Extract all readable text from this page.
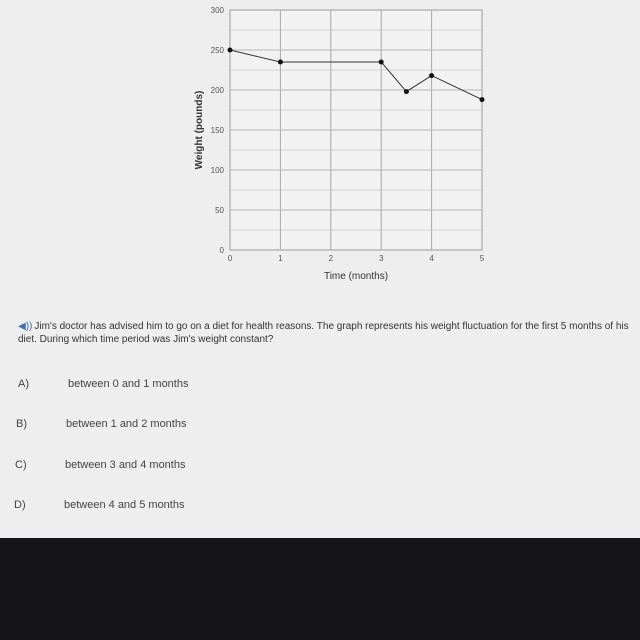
0
50
100
150
200
250
300
0	1	2	3	4	5
Time (months)
Weight (pounds)
◀)) Jim's doctor has advised him to go on a diet for health reasons. The graph represents his weight fluctuation for the first 5 months of his diet. During which time period was Jim's weight constant?
A)	between 0 and 1 months
B)	between 1 and 2 months
C)	between 3 and 4 months
D)	between 4 and 5 months
